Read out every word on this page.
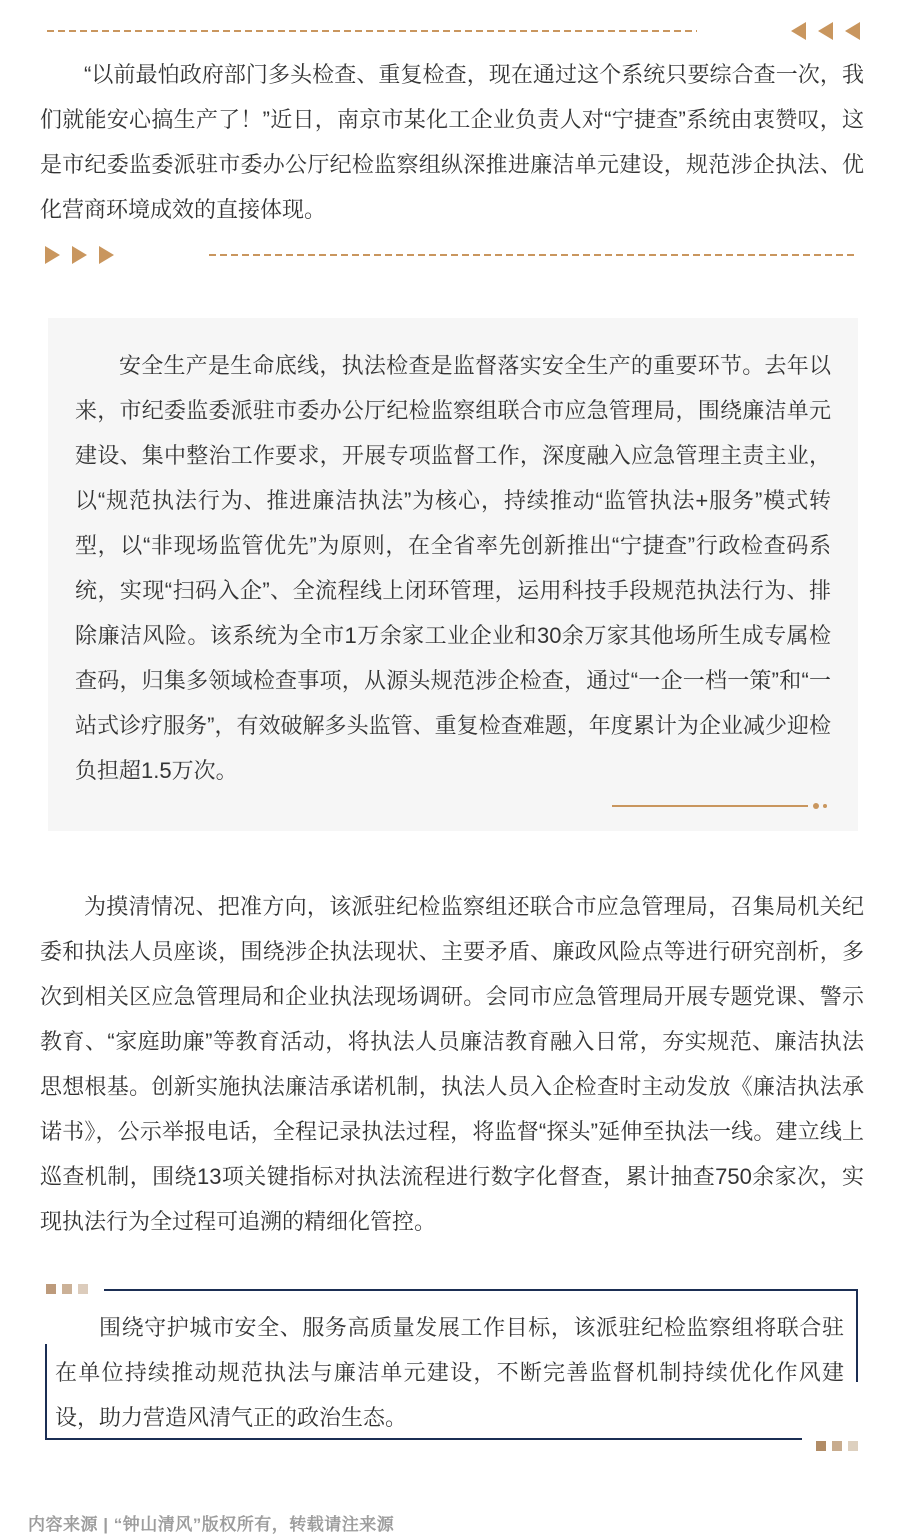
“以前最怕政府部门多头检查、重复检查，现在通过这个系统只要综合查一次，我们就能安心搞生产了！”近日，南京市某化工企业负责人对“宁捷查”系统由衷赞叹，这是市纪委监委派驻市委办公厅纪检监察组纵深推进廉洁单元建设，规范涉企执法、优化营商环境成效的直接体现。

安全生产是生命底线，执法检查是监督落实安全生产的重要环节。去年以来，市纪委监委派驻市委办公厅纪检监察组联合市应急管理局，围绕廉洁单元建设、集中整治工作要求，开展专项监督工作，深度融入应急管理主责主业，以“规范执法行为、推进廉洁执法”为核心，持续推动“监管执法+服务”模式转型，以“非现场监管优先”为原则，在全省率先创新推出“宁捷查”行政检查码系统，实现“扫码入企”、全流程线上闭环管理，运用科技手段规范执法行为、排除廉洁风险。该系统为全市1万余家工业企业和30余万家其他场所生成专属检查码，归集多领域检查事项，从源头规范涉企检查，通过“一企一档一策”和“一站式诊疗服务”，有效破解多头监管、重复检查难题，年度累计为企业减少迎检负担超1.5万次。

为摸清情况、把准方向，该派驻纪检监察组还联合市应急管理局，召集局机关纪委和执法人员座谈，围绕涉企执法现状、主要矛盾、廉政风险点等进行研究剖析，多次到相关区应急管理局和企业执法现场调研。会同市应急管理局开展专题党课、警示教育、“家庭助廉”等教育活动，将执法人员廉洁教育融入日常，夯实规范、廉洁执法思想根基。创新实施执法廉洁承诺机制，执法人员入企检查时主动发放《廉洁执法承诺书》，公示举报电话，全程记录执法过程，将监督“探头”延伸至执法一线。建立线上巡查机制，围绕13项关键指标对执法流程进行数字化督查，累计抽查750余家次，实现执法行为全过程可追溯的精细化管控。

围绕守护城市安全、服务高质量发展工作目标，该派驻纪检监察组将联合驻在单位持续推动规范执法与廉洁单元建设，不断完善监督机制持续优化作风建设，助力营造风清气正的政治生态。

内容来源 | “钟山清风”版权所有，转载请注来源
